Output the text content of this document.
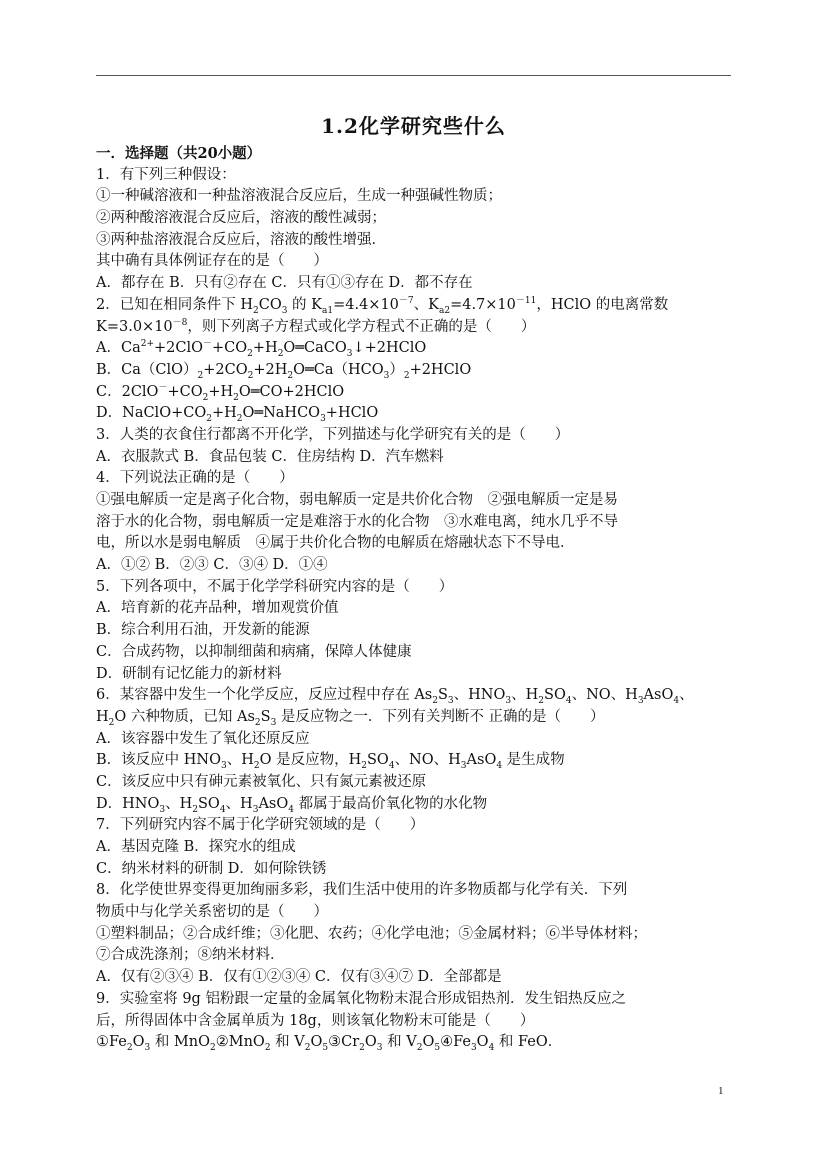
1.2化学研究些什么
一．选择题（共20小题）
1．有下列三种假设：
①一种碱溶液和一种盐溶液混合反应后，生成一种强碱性物质；
②两种酸溶液混合反应后，溶液的酸性减弱；
③两种盐溶液混合反应后，溶液的酸性增强．
其中确有具体例证存在的是（　　）
A．都存在 B．只有②存在 C．只有①③存在 D．都不存在
2．已知在相同条件下 $H_2CO_3$ 的 $K_{a1}=4.4\times 10^{-7}$、$K_{a2}=4.7\times 10^{-11}$，HClO 的电离常数
$K=3.0\times 10^{-8}$，则下列离子方程式或化学方程式不正确的是（　　）
A．$Ca^{2+}+2ClO^-+CO_2+H_2O═CaCO_3↓+2HClO$
B．$Ca(ClO)_2+2CO_2+2H_2O═Ca(HCO_3)_2+2HClO$
C．$2ClO^-+CO_2+H_2O═CO+2HClO$
D．$NaClO+CO_2+H_2O═NaHCO_3+HClO$
3．人类的衣食住行都离不开化学，下列描述与化学研究有关的是（　　）
A．衣服款式 B．食品包装 C．住房结构 D．汽车燃料
4．下列说法正确的是（　　）
①强电解质一定是离子化合物，弱电解质一定是共价化合物　②强电解质一定是易
溶于水的化合物，弱电解质一定是难溶于水的化合物　③水难电离，纯水几乎不导
电，所以水是弱电解质　④属于共价化合物的电解质在熔融状态下不导电．
A．①② B．②③ C．③④ D．①④
5．下列各项中，不属于化学学科研究内容的是（　　）
A．培育新的花卉品种，增加观赏价值
B．综合利用石油，开发新的能源
C．合成药物，以抑制细菌和病痛，保障人体健康
D．研制有记忆能力的新材料
6．某容器中发生一个化学反应，反应过程中存在 $As_2S_3$、$HNO_3$、$H_2SO_4$、NO、$H_3AsO_4$、
$H_2O$ 六种物质，已知 $As_2S_3$ 是反应物之一．下列有关判断不 正确的是（　　）
A．该容器中发生了氧化还原反应
B．该反应中 $HNO_3$、$H_2O$ 是反应物，$H_2SO_4$、NO、$H_3AsO_4$ 是生成物
C．该反应中只有砷元素被氧化、只有氮元素被还原
D．$HNO_3$、$H_2SO_4$、$H_3AsO_4$ 都属于最高价氧化物的水化物
7．下列研究内容不属于化学研究领域的是（　　）
A．基因克隆 B．探究水的组成
C．纳米材料的研制 D．如何除铁锈
8．化学使世界变得更加绚丽多彩，我们生活中使用的许多物质都与化学有关．下列
物质中与化学关系密切的是（　　）
①塑料制品；②合成纤维；③化肥、农药；④化学电池；⑤金属材料；⑥半导体材料；
⑦合成洗涤剂；⑧纳米材料．
A．仅有②③④ B．仅有①②③④ C．仅有③④⑦ D．全部都是
9．实验室将 9g 铝粉跟一定量的金属氧化物粉末混合形成铝热剂．发生铝热反应之
后，所得固体中含金属单质为 18g，则该氧化物粉末可能是（　　）
$①Fe_2O_3$ 和 MnO$_2$②MnO$_2$ 和 $V_2O_5③Cr_2O_3$ 和 $V_2O_5④Fe_3O_4$ 和 FeO．
1
